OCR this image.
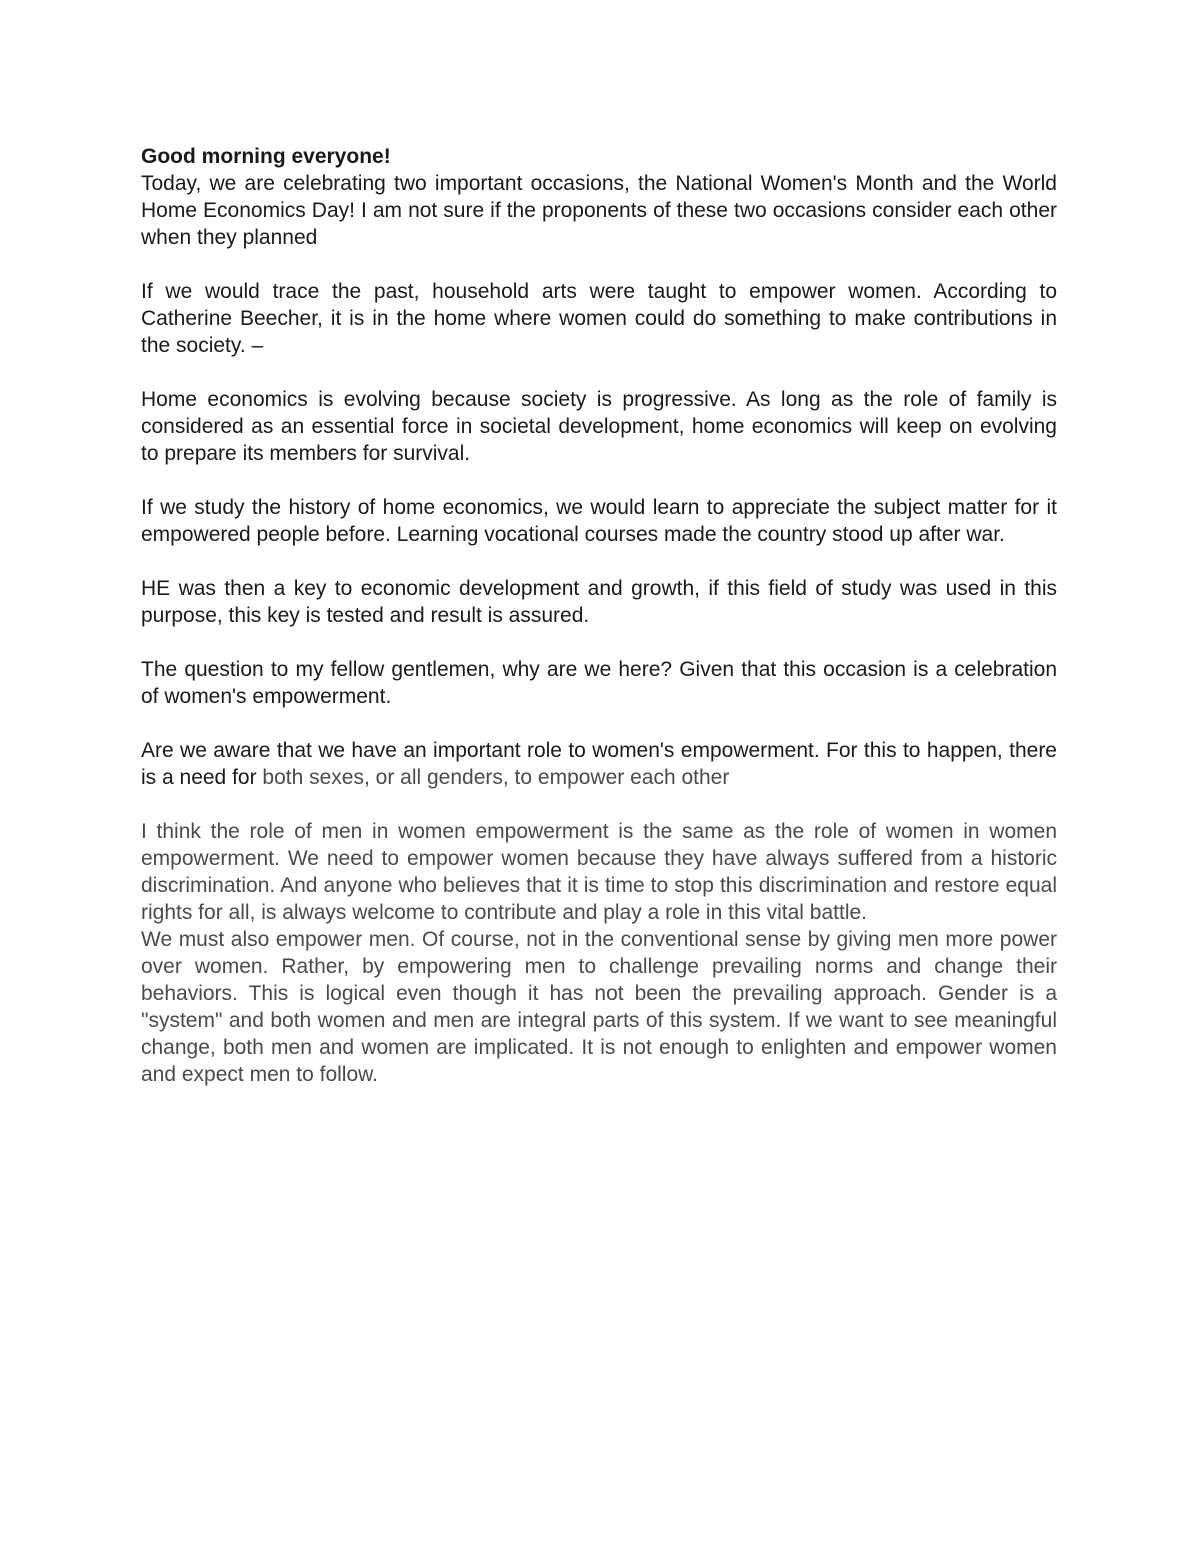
Good morning everyone!
Today, we are celebrating two important occasions, the National Women's Month and the World Home Economics Day! I am not sure if the proponents of these two occasions consider each other when they planned

If we would trace the past, household arts were taught to empower women. According to Catherine Beecher, it is in the home where women could do something to make contributions in the society. –

Home economics is evolving because society is progressive. As long as the role of family is considered as an essential force in societal development, home economics will keep on evolving to prepare its members for survival.

If we study the history of home economics, we would learn to appreciate the subject matter for it empowered people before. Learning vocational courses made the country stood up after war.

HE was then a key to economic development and growth, if this field of study was used in this purpose, this key is tested and result is assured.

The question to my fellow gentlemen, why are we here? Given that this occasion is a celebration of women's empowerment.

Are we aware that we have an important role to women's empowerment. For this to happen, there is a need for both sexes, or all genders, to empower each other

I think the role of men in women empowerment is the same as the role of women in women empowerment. We need to empower women because they have always suffered from a historic discrimination. And anyone who believes that it is time to stop this discrimination and restore equal rights for all, is always welcome to contribute and play a role in this vital battle.

We must also empower men. Of course, not in the conventional sense by giving men more power over women. Rather, by empowering men to challenge prevailing norms and change their behaviors. This is logical even though it has not been the prevailing approach. Gender is a "system" and both women and men are integral parts of this system. If we want to see meaningful change, both men and women are implicated. It is not enough to enlighten and empower women and expect men to follow.
